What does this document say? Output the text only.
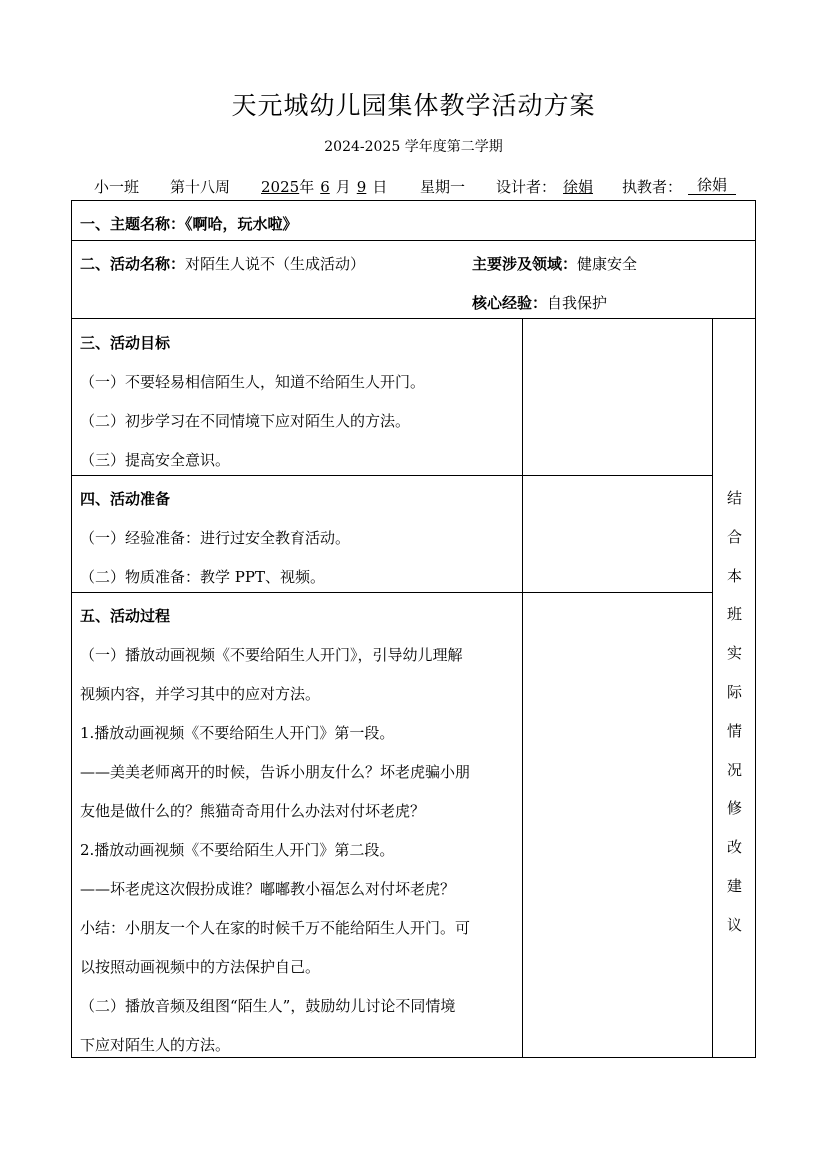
天元城幼儿园集体教学活动方案
2024-2025 学年度第二学期
小一班 第十八周 2025年 6 月 9 日 星期一 设计者： 徐娟 执教者： 徐娟
一、主题名称：《啊哈，玩水啦》
二、活动名称：对陌生人说不（生成活动）	主要涉及领域：健康安全
核心经验：自我保护
三、活动目标
（一）不要轻易相信陌生人，知道不给陌生人开门。
（二）初步学习在不同情境下应对陌生人的方法。
（三）提高安全意识。
四、活动准备
（一）经验准备：进行过安全教育活动。
（二）物质准备：教学 PPT、视频。
五、活动过程
（一）播放动画视频《不要给陌生人开门》，引导幼儿理解
视频内容，并学习其中的应对方法。
1.播放动画视频《不要给陌生人开门》第一段。
——美美老师离开的时候，告诉小朋友什么？坏老虎骗小朋
友他是做什么的？熊猫奇奇用什么办法对付坏老虎？
2.播放动画视频《不要给陌生人开门》第二段。
——坏老虎这次假扮成谁？嘟嘟教小福怎么对付坏老虎？
小结：小朋友一个人在家的时候千万不能给陌生人开门。可
以按照动画视频中的方法保护自己。
（二）播放音频及组图“陌生人”，鼓励幼儿讨论不同情境
下应对陌生人的方法。
结
合
本
班
实
际
情
况
修
改
建
议
